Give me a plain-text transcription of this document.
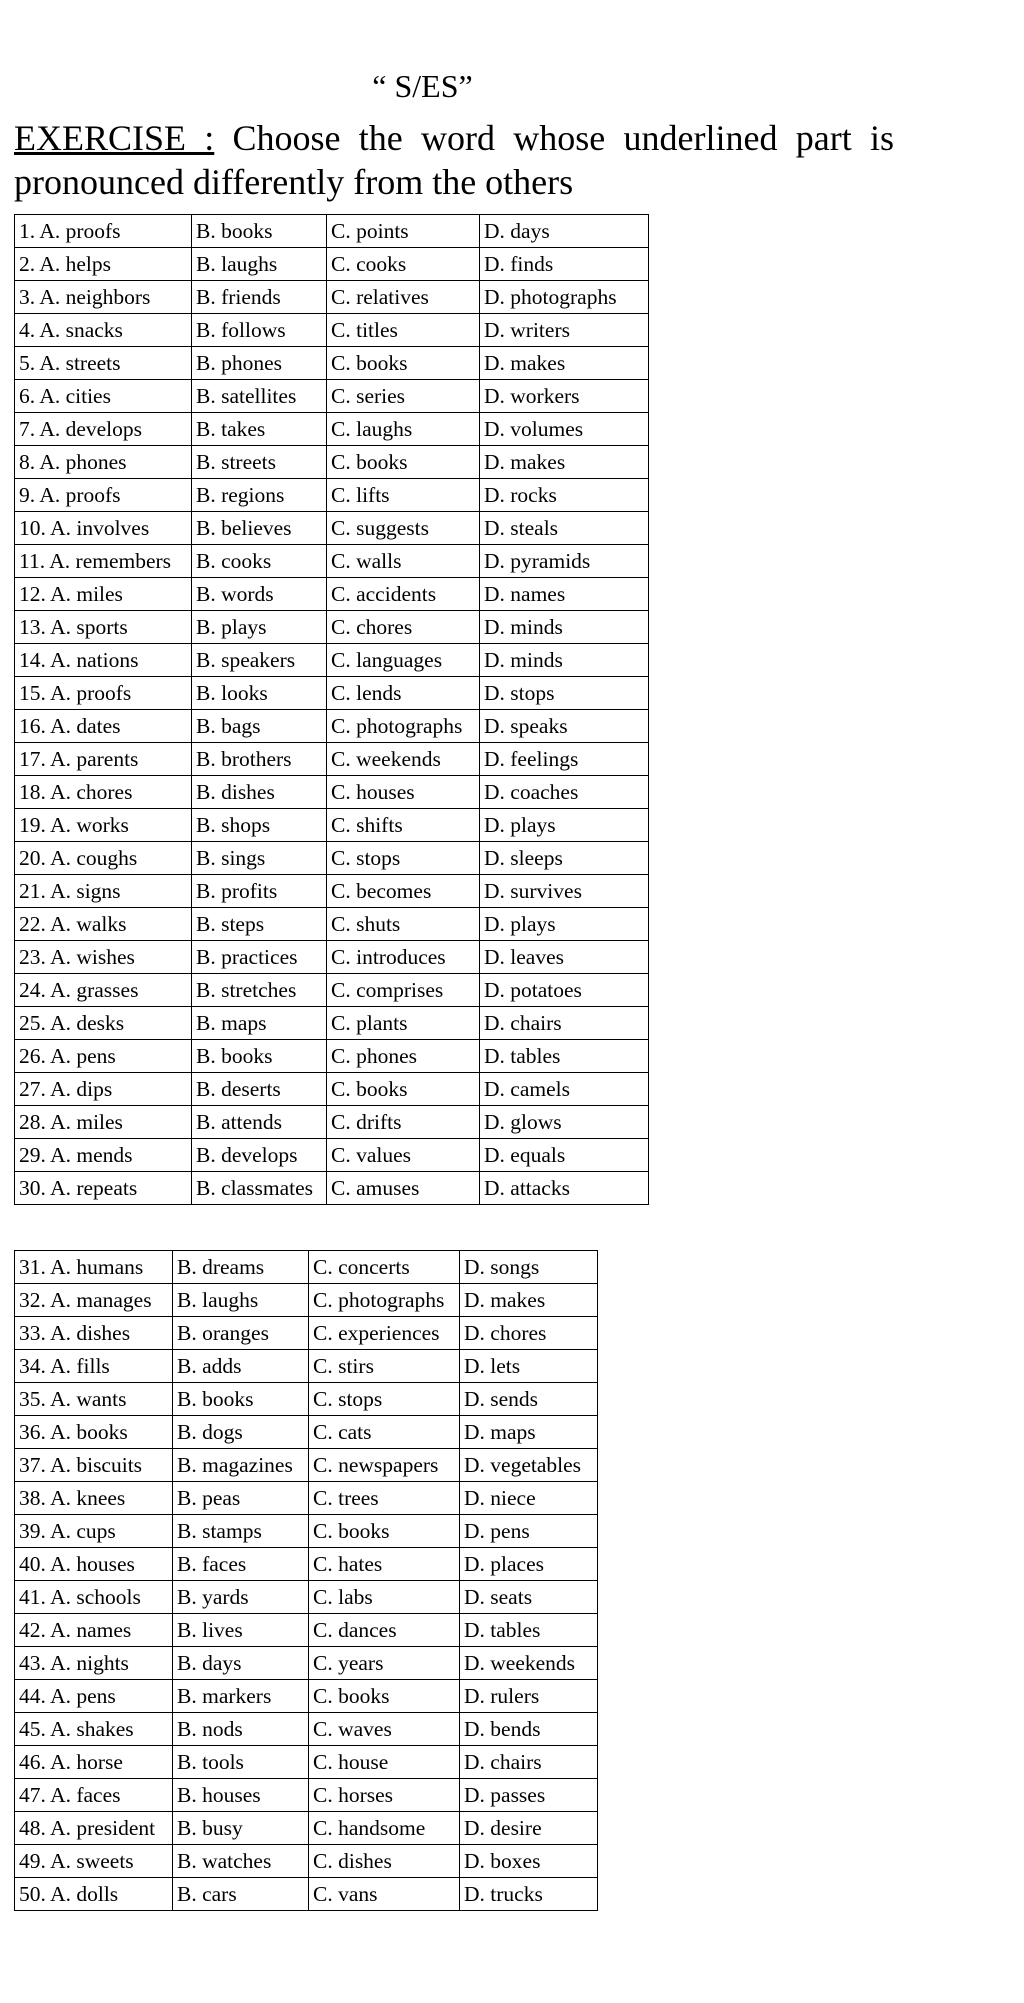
“ S/ES”
EXERCISE : Choose the word whose underlined part is pronounced differently from the others
1. A. proofs	B. books	C. points	D. days
2. A. helps	B. laughs	C. cooks	D. finds
3. A. neighbors	B. friends	C. relatives	D. photographs
4. A. snacks	B. follows	C. titles	D. writers
5. A. streets	B. phones	C. books	D. makes
6. A. cities	B. satellites	C. series	D. workers
7. A. develops	B. takes	C. laughs	D. volumes
8. A. phones	B. streets	C. books	D. makes
9. A. proofs	B. regions	C. lifts	D. rocks
10. A. involves	B. believes	C. suggests	D. steals
11. A. remembers	B. cooks	C. walls	D. pyramids
12. A. miles	B. words	C. accidents	D. names
13. A. sports	B. plays	C. chores	D. minds
14. A. nations	B. speakers	C. languages	D. minds
15. A. proofs	B. looks	C. lends	D. stops
16. A. dates	B. bags	C. photographs	D. speaks
17. A. parents	B. brothers	C. weekends	D. feelings
18. A. chores	B. dishes	C. houses	D. coaches
19. A. works	B. shops	C. shifts	D. plays
20. A. coughs	B. sings	C. stops	D. sleeps
21. A. signs	B. profits	C. becomes	D. survives
22. A. walks	B. steps	C. shuts	D. plays
23. A. wishes	B. practices	C. introduces	D. leaves
24. A. grasses	B. stretches	C. comprises	D. potatoes
25. A. desks	B. maps	C. plants	D. chairs
26. A. pens	B. books	C. phones	D. tables
27. A. dips	B. deserts	C. books	D. camels
28. A. miles	B. attends	C. drifts	D. glows
29. A. mends	B. develops	C. values	D. equals
30. A. repeats	B. classmates	C. amuses	D. attacks
31. A. humans	B. dreams	C. concerts	D. songs
32. A. manages	B. laughs	C. photographs	D. makes
33. A. dishes	B. oranges	C. experiences	D. chores
34. A. fills	B. adds	C. stirs	D. lets
35. A. wants	B. books	C. stops	D. sends
36. A. books	B. dogs	C. cats	D. maps
37. A. biscuits	B. magazines	C. newspapers	D. vegetables
38. A. knees	B. peas	C. trees	D. niece
39. A. cups	B. stamps	C. books	D. pens
40. A. houses	B. faces	C. hates	D. places
41. A. schools	B. yards	C. labs	D. seats
42. A. names	B. lives	C. dances	D. tables
43. A. nights	B. days	C. years	D. weekends
44. A. pens	B. markers	C. books	D. rulers
45. A. shakes	B. nods	C. waves	D. bends
46. A. horse	B. tools	C. house	D. chairs
47. A. faces	B. houses	C. horses	D. passes
48. A. president	B. busy	C. handsome	D. desire
49. A. sweets	B. watches	C. dishes	D. boxes
50. A. dolls	B. cars	C. vans	D. trucks
